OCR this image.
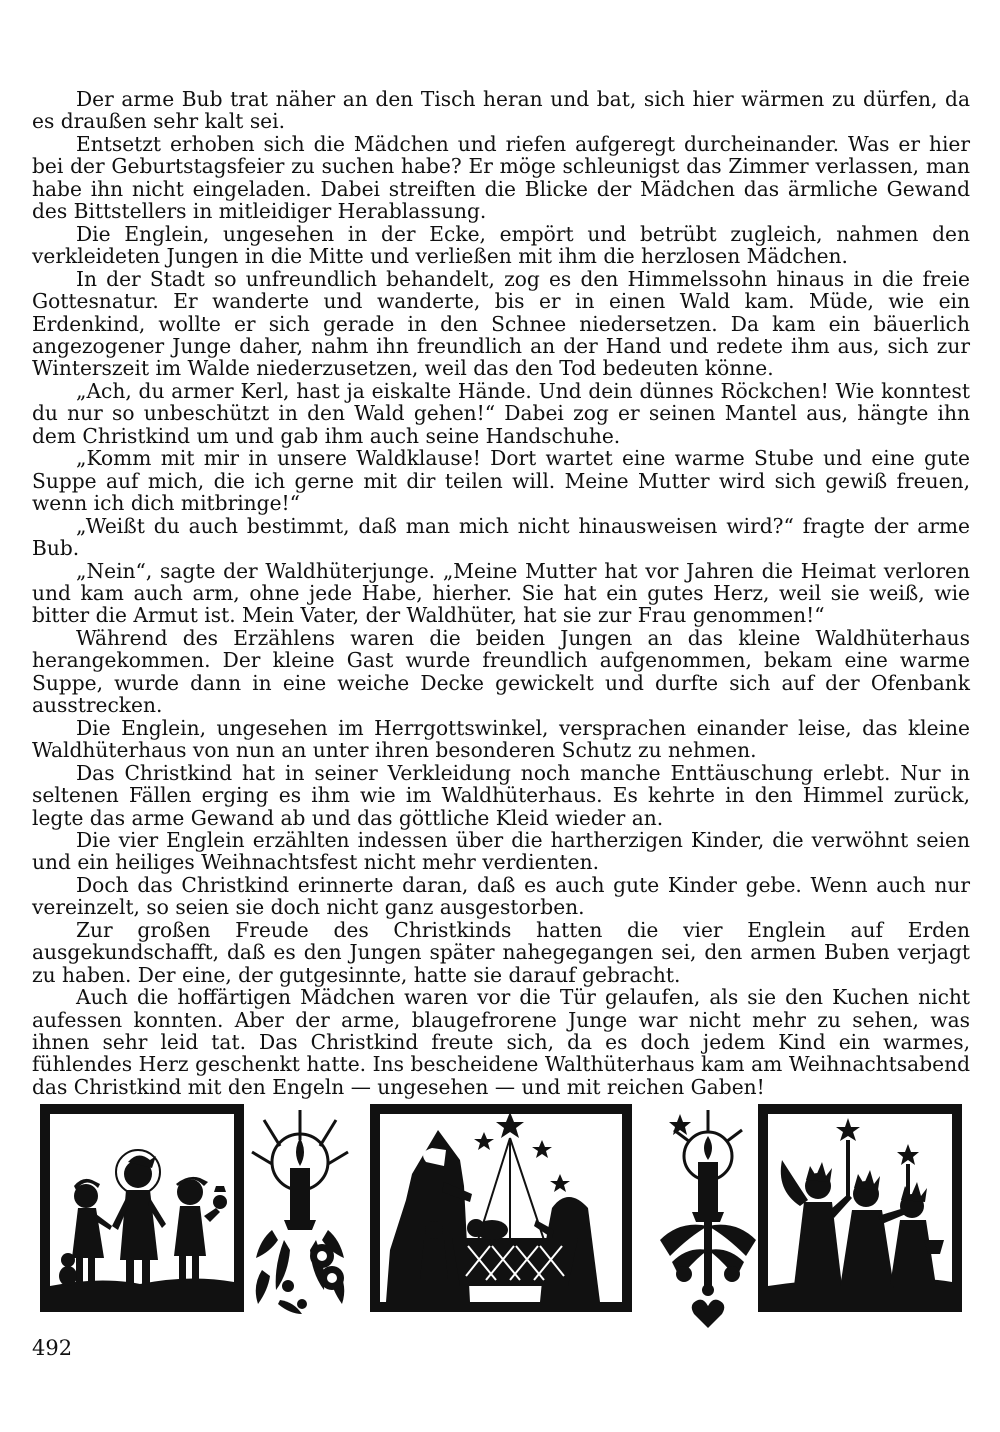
Der arme Bub trat näher an den Tisch heran und bat, sich hier wärmen zu dürfen, da es draußen sehr kalt sei.

Entsetzt erhoben sich die Mädchen und riefen aufgeregt durcheinander. Was er hier bei der Geburtstagsfeier zu suchen habe? Er möge schleunigst das Zimmer verlassen, man habe ihn nicht eingeladen. Dabei streiften die Blicke der Mädchen das ärmliche Gewand des Bittstellers in mitleidiger Herablassung.

Die Englein, ungesehen in der Ecke, empört und betrübt zugleich, nahmen den verkleideten Jungen in die Mitte und verließen mit ihm die herzlosen Mädchen.

In der Stadt so unfreundlich behandelt, zog es den Himmelssohn hinaus in die freie Gottesnatur. Er wanderte und wanderte, bis er in einen Wald kam. Müde, wie ein Erdenkind, wollte er sich gerade in den Schnee niedersetzen. Da kam ein bäuerlich angezogener Junge daher, nahm ihn freundlich an der Hand und redete ihm aus, sich zur Winterszeit im Walde niederzusetzen, weil das den Tod bedeuten könne.

„Ach, du armer Kerl, hast ja eiskalte Hände. Und dein dünnes Röckchen! Wie konntest du nur so unbeschützt in den Wald gehen!“ Dabei zog er seinen Mantel aus, hängte ihn dem Christkind um und gab ihm auch seine Handschuhe.

„Komm mit mir in unsere Waldklause! Dort wartet eine warme Stube und eine gute Suppe auf mich, die ich gerne mit dir teilen will. Meine Mutter wird sich gewiß freuen, wenn ich dich mitbringe!“

„Weißt du auch bestimmt, daß man mich nicht hinausweisen wird?“ fragte der arme Bub.

„Nein“, sagte der Waldhüterjunge. „Meine Mutter hat vor Jahren die Heimat verloren und kam auch arm, ohne jede Habe, hierher. Sie hat ein gutes Herz, weil sie weiß, wie bitter die Armut ist. Mein Vater, der Waldhüter, hat sie zur Frau genommen!“

Während des Erzählens waren die beiden Jungen an das kleine Waldhüterhaus herangekommen. Der kleine Gast wurde freundlich aufgenommen, bekam eine warme Suppe, wurde dann in eine weiche Decke gewickelt und durfte sich auf der Ofenbank ausstrecken.

Die Englein, ungesehen im Herrgottswinkel, versprachen einander leise, das kleine Waldhüterhaus von nun an unter ihren besonderen Schutz zu nehmen.

Das Christkind hat in seiner Verkleidung noch manche Enttäuschung erlebt. Nur in seltenen Fällen erging es ihm wie im Waldhüterhaus. Es kehrte in den Himmel zurück, legte das arme Gewand ab und das göttliche Kleid wieder an.

Die vier Englein erzählten indessen über die hartherzigen Kinder, die verwöhnt seien und ein heiliges Weihnachtsfest nicht mehr verdienten.

Doch das Christkind erinnerte daran, daß es auch gute Kinder gebe. Wenn auch nur vereinzelt, so seien sie doch nicht ganz ausgestorben.

Zur großen Freude des Christkinds hatten die vier Englein auf Erden ausgekundschafft, daß es den Jungen später nahegegangen sei, den armen Buben verjagt zu haben. Der eine, der gutgesinnte, hatte sie darauf gebracht.

Auch die hoffärtigen Mädchen waren vor die Tür gelaufen, als sie den Kuchen nicht aufessen konnten. Aber der arme, blaugefrorene Junge war nicht mehr zu sehen, was ihnen sehr leid tat. Das Christkind freute sich, da es doch jedem Kind ein warmes, fühlendes Herz geschenkt hatte. Ins bescheidene Walthüterhaus kam am Weihnachtsabend das Christkind mit den Engeln — ungesehen — und mit reichen Gaben!

492
